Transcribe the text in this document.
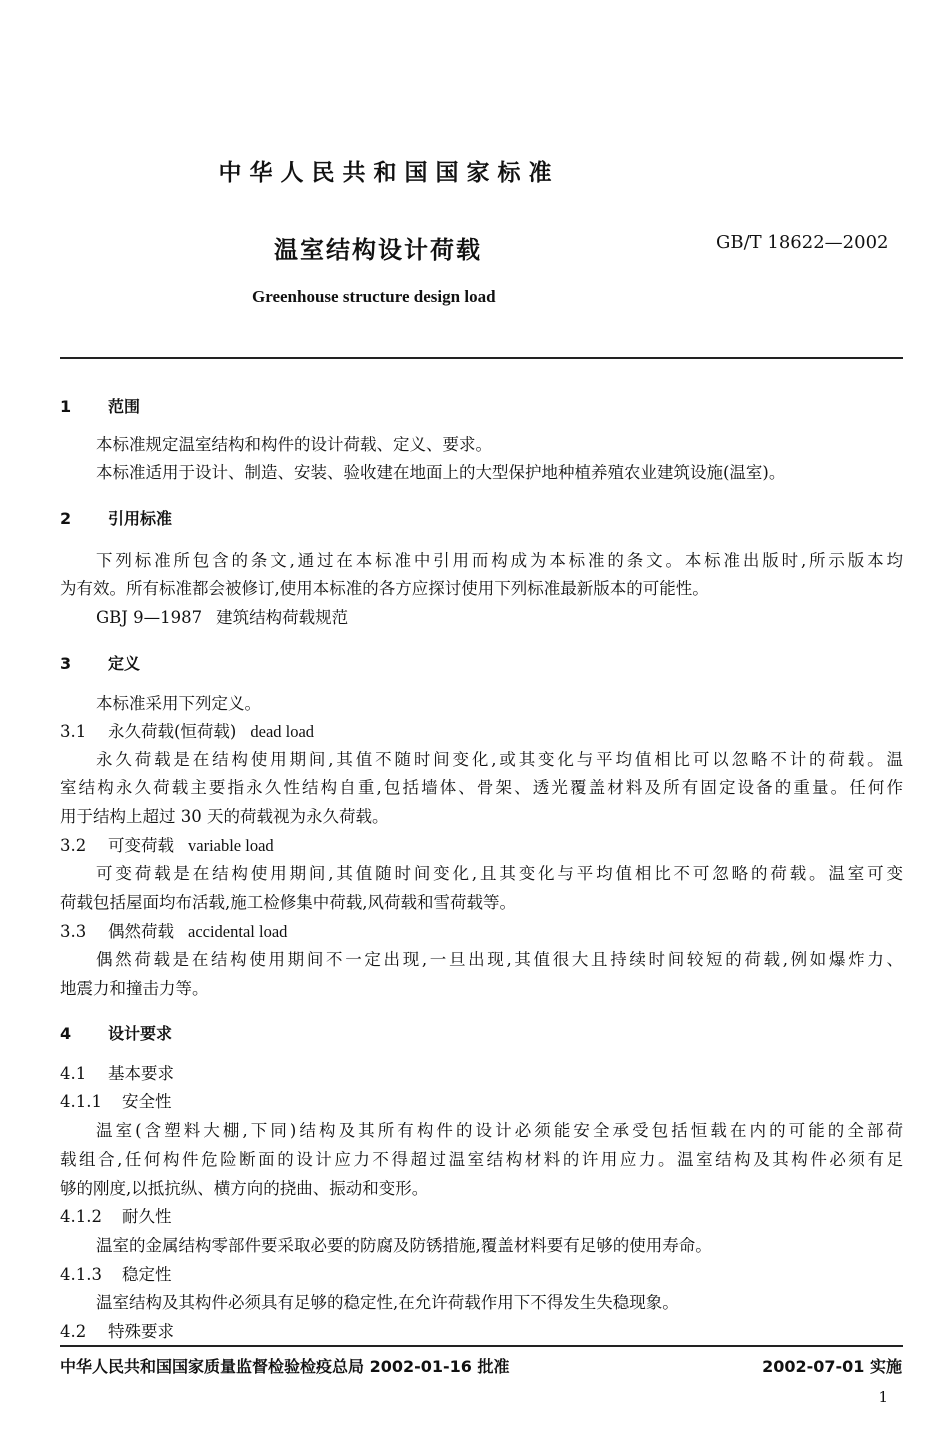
中华人民共和国国家标准
温室结构设计荷载	GB/T 18622—2002
Greenhouse structure design load
1 范围
本标准规定温室结构和构件的设计荷载、定义、要求。
本标准适用于设计、制造、安装、验收建在地面上的大型保护地种植养殖农业建筑设施(温室)。
2 引用标准
下列标准所包含的条文,通过在本标准中引用而构成为本标准的条文。本标准出版时,所示版本均
为有效。所有标准都会被修订,使用本标准的各方应探讨使用下列标准最新版本的可能性。
GBJ 9—1987 建筑结构荷载规范
3 定义
本标准采用下列定义。
3.1 永久荷载(恒荷载) dead load
永久荷载是在结构使用期间,其值不随时间变化,或其变化与平均值相比可以忽略不计的荷载。温
室结构永久荷载主要指永久性结构自重,包括墙体、骨架、透光覆盖材料及所有固定设备的重量。任何作
用于结构上超过 30 天的荷载视为永久荷载。
3.2 可变荷载 variable load
可变荷载是在结构使用期间,其值随时间变化,且其变化与平均值相比不可忽略的荷载。温室可变
荷载包括屋面均布活载,施工检修集中荷载,风荷载和雪荷载等。
3.3 偶然荷载 accidental load
偶然荷载是在结构使用期间不一定出现,一旦出现,其值很大且持续时间较短的荷载,例如爆炸力、
地震力和撞击力等。
4 设计要求
4.1 基本要求
4.1.1 安全性
温室(含塑料大棚,下同)结构及其所有构件的设计必须能安全承受包括恒载在内的可能的全部荷
载组合,任何构件危险断面的设计应力不得超过温室结构材料的许用应力。温室结构及其构件必须有足
够的刚度,以抵抗纵、横方向的挠曲、振动和变形。
4.1.2 耐久性
温室的金属结构零部件要采取必要的防腐及防锈措施,覆盖材料要有足够的使用寿命。
4.1.3 稳定性
温室结构及其构件必须具有足够的稳定性,在允许荷载作用下不得发生失稳现象。
4.2 特殊要求
中华人民共和国国家质量监督检验检疫总局 2002-01-16 批准	2002-07-01 实施
1
